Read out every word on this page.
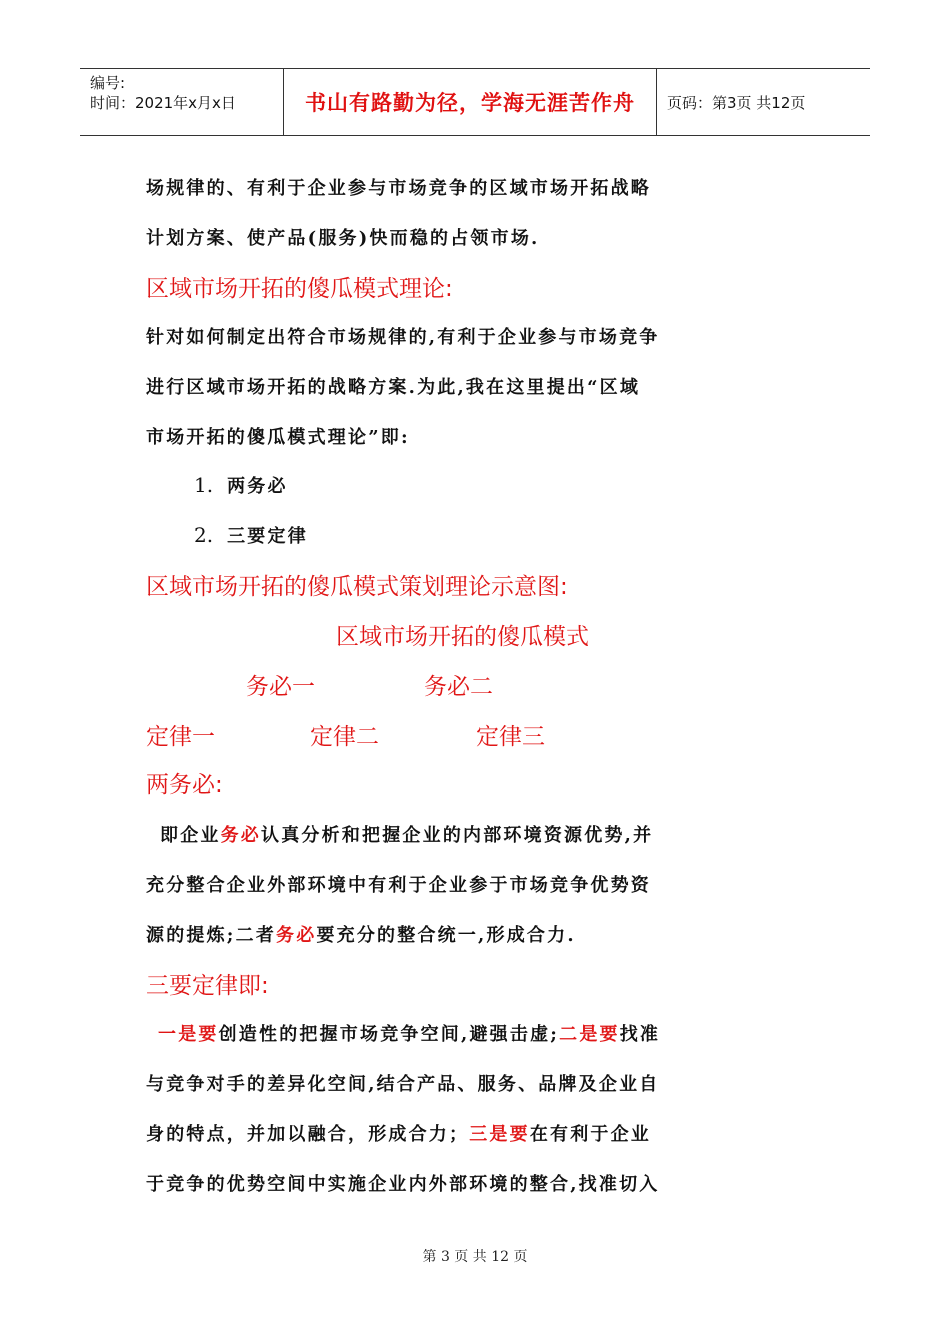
编号:
时间：2021年x月x日	书山有路勤为径，学海无涯苦作舟	页码：第3页 共12页
场规律的、有利于企业参与市场竞争的区域市场开拓战略
计划方案、使产品(服务)快而稳的占领市场.
区域市场开拓的傻瓜模式理论:
针对如何制定出符合市场规律的,有利于企业参与市场竞争
进行区域市场开拓的战略方案.为此,我在这里提出“区域
市场开拓的傻瓜模式理论”即:
1. 两务必
2. 三要定律
区域市场开拓的傻瓜模式策划理论示意图:
区域市场开拓的傻瓜模式
务必一	务必二
定律一	定律二	定律三
两务必:
即企业务必认真分析和把握企业的内部环境资源优势,并
充分整合企业外部环境中有利于企业参于市场竞争优势资
源的提炼;二者务必要充分的整合统一,形成合力.
三要定律即:
一是要创造性的把握市场竞争空间,避强击虚;二是要找准
与竞争对手的差异化空间,结合产品、服务、品牌及企业自
身的特点，并加以融合，形成合力；三是要在有利于企业
于竞争的优势空间中实施企业内外部环境的整合,找准切入
第 3 页 共 12 页
